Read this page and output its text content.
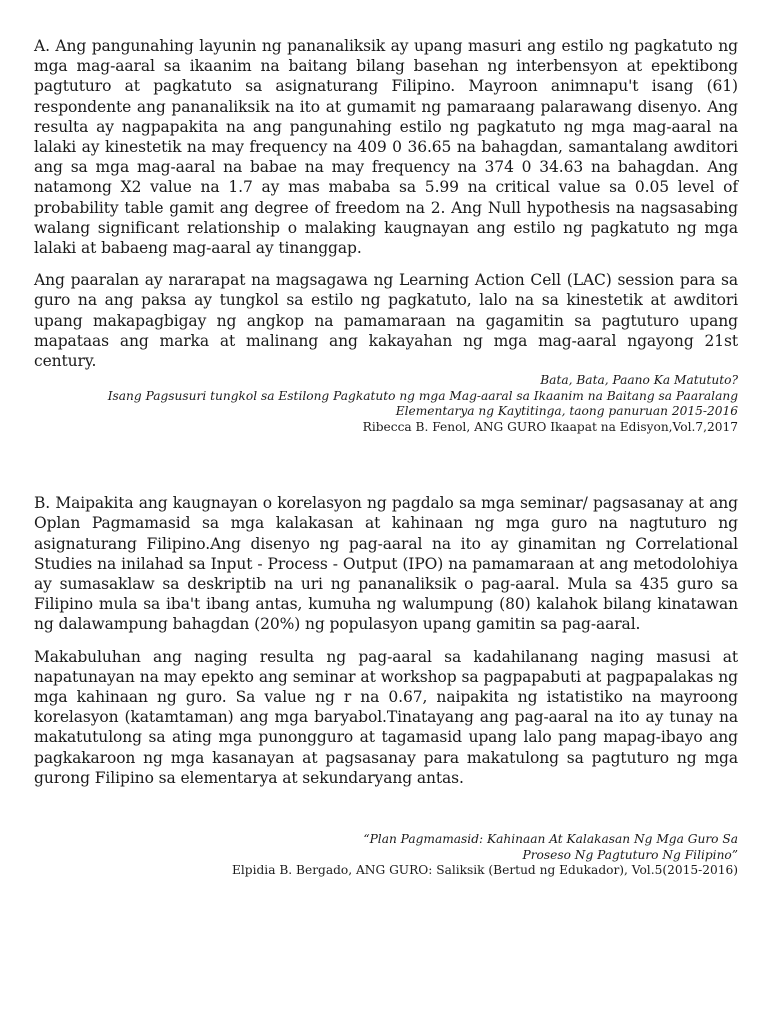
A. Ang pangunahing layunin ng pananaliksik ay upang masuri ang estilo ng pagkatuto ng mga mag-aaral sa ikaanim na baitang bilang basehan ng interbensyon at epektibong pagtuturo at pagkatuto sa asignaturang Filipino. Mayroon animnapu't isang (61) respondente ang pananaliksik na ito at gumamit ng pamaraang palarawang disenyo. Ang resulta ay nagpapakita na ang pangunahing estilo ng pagkatuto ng mga mag-aaral na lalaki ay kinestetik na may frequency na 409 0 36.65 na bahagdan, samantalang awditori ang sa mga mag-aaral na babae na may frequency na 374 0 34.63 na bahagdan. Ang natamong X2 value na 1.7 ay mas mababa sa 5.99 na critical value sa 0.05 level of probability table gamit ang degree of freedom na 2. Ang Null hypothesis na nagsasabing walang significant relationship o malaking kaugnayan ang estilo ng pagkatuto ng mga lalaki at babaeng mag-aaral ay tinanggap.

Ang paaralan ay nararapat na magsagawa ng Learning Action Cell (LAC) session para sa guro na ang paksa ay tungkol sa estilo ng pagkatuto, lalo na sa kinestetik at awditori upang makapagbigay ng angkop na pamamaraan na gagamitin sa pagtuturo upang mapataas ang marka at malinang ang kakayahan ng mga mag-aaral ngayong 21st century.

Bata, Bata, Paano Ka Matututo?
Isang Pagsusuri tungkol sa Estilong Pagkatuto ng mga Mag-aaral sa Ikaanim na Baitang sa Paaralang
Elementarya ng Kaytitinga, taong panuruan 2015-2016
Ribecca B. Fenol, ANG GURO Ikaapat na Edisyon,Vol.7,2017

B. Maipakita ang kaugnayan o korelasyon ng pagdalo sa mga seminar/ pagsasanay at ang Oplan Pagmamasid sa mga kalakasan at kahinaan ng mga guro na nagtuturo ng asignaturang Filipino.Ang disenyo ng pag-aaral na ito ay ginamitan ng Correlational Studies na inilahad sa Input - Process - Output (IPO) na pamamaraan at ang metodolohiya ay sumasaklaw sa deskriptib na uri ng pananaliksik o pag-aaral. Mula sa 435 guro sa Filipino mula sa iba't ibang antas, kumuha ng walumpung (80) kalahok bilang kinatawan ng dalawampung bahagdan (20%) ng populasyon upang gamitin sa pag-aaral.

Makabuluhan ang naging resulta ng pag-aaral sa kadahilanang naging masusi at napatunayan na may epekto ang seminar at workshop sa pagpapabuti at pagpapalakas ng mga kahinaan ng guro. Sa value ng r na 0.67, naipakita ng istatistiko na mayroong korelasyon (katamtaman) ang mga baryabol.Tinatayang ang pag-aaral na ito ay tunay na makatutulong sa ating mga punongguro at tagamasid upang lalo pang mapag-ibayo ang pagkakaroon ng mga kasanayan at pagsasanay para makatulong sa pagtuturo ng mga gurong Filipino sa elementarya at sekundaryang antas.

“Plan Pagmamasid: Kahinaan At Kalakasan Ng Mga Guro Sa
Proseso Ng Pagtuturo Ng Filipino”
Elpidia B. Bergado, ANG GURO: Saliksik (Bertud ng Edukador), Vol.5(2015-2016)
